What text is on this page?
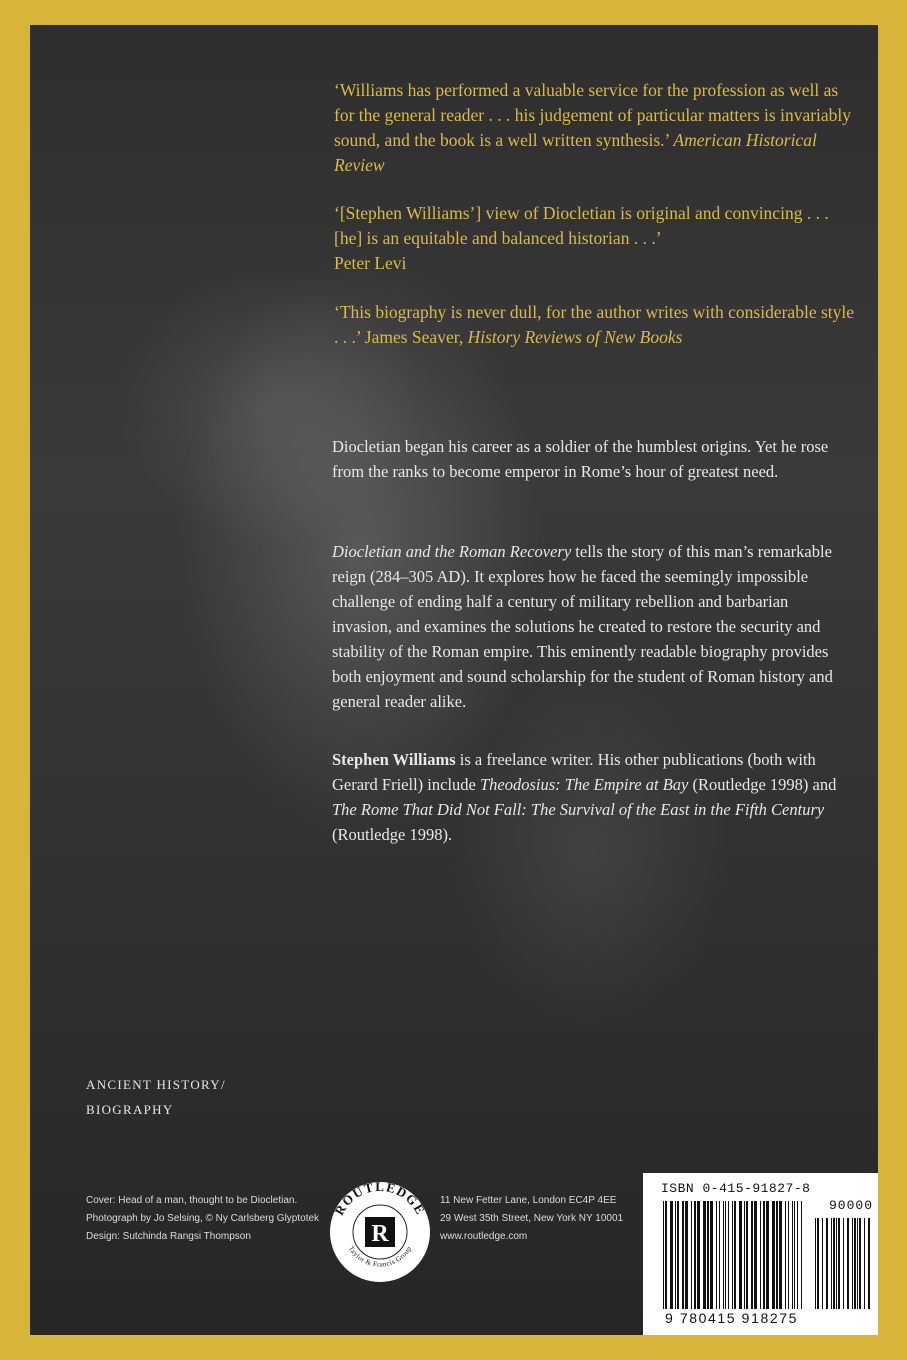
‘Williams has performed a valuable service for the profession as well as for the general reader . . . his judgement of particular matters is invariably sound, and the book is a well written synthesis.’ American Historical Review
‘[Stephen Williams’] view of Diocletian is original and convincing . . . [he] is an equitable and balanced historian . . .’
Peter Levi
‘This biography is never dull, for the author writes with considerable style . . .’ James Seaver, History Reviews of New Books
Diocletian began his career as a soldier of the humblest origins. Yet he rose from the ranks to become emperor in Rome’s hour of greatest need.
Diocletian and the Roman Recovery tells the story of this man’s remarkable reign (284–305 AD). It explores how he faced the seemingly impossible challenge of ending half a century of military rebellion and barbarian invasion, and examines the solutions he created to restore the security and stability of the Roman empire. This eminently readable biography provides both enjoyment and sound scholarship for the student of Roman history and general reader alike.
Stephen Williams is a freelance writer. His other publications (both with Gerard Friell) include Theodosius: The Empire at Bay (Routledge 1998) and The Rome That Did Not Fall: The Survival of the East in the Fifth Century (Routledge 1998).
ANCIENT HISTORY/
BIOGRAPHY
Cover: Head of a man, thought to be Diocletian.
Photograph by Jo Selsing, © Ny Carlsberg Glyptotek
Design: Sutchinda Rangsi Thompson
ROUTLEDGE
Taylor & Francis Group
R
11 New Fetter Lane, London EC4P 4EE
29 West 35th Street, New York NY 10001
www.routledge.com
ISBN 0-415-91827-8
90000
9 780415 918275
